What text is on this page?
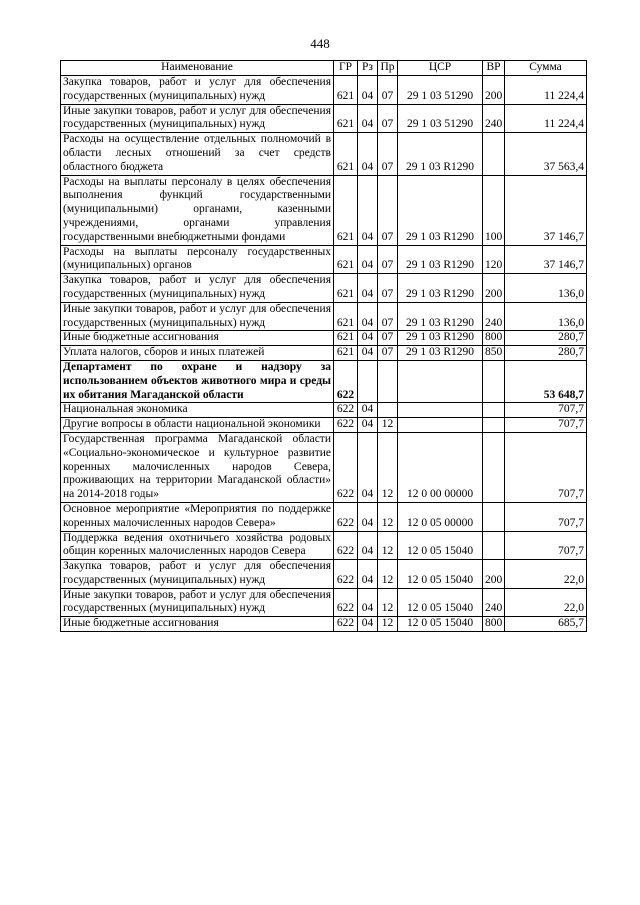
448
Наименование	ГР	Рз	Пр	ЦСР	ВР	Сумма
Закупка товаров, работ и услуг для обеспечения государственных (муниципальных) нужд	621	04	07	29 1 03 51290	200	11 224,4
Иные закупки товаров, работ и услуг для обеспечения государственных (муниципальных) нужд	621	04	07	29 1 03 51290	240	11 224,4
Расходы на осуществление отдельных полномочий в области лесных отношений за счет средств областного бюджета	621	04	07	29 1 03 R1290		37 563,4
Расходы на выплаты персоналу в целях обеспечения выполнения функций государственными (муниципальными) органами, казенными учреждениями, органами управления государственными внебюджетными фондами	621	04	07	29 1 03 R1290	100	37 146,7
Расходы на выплаты персоналу государственных (муниципальных) органов	621	04	07	29 1 03 R1290	120	37 146,7
Закупка товаров, работ и услуг для обеспечения государственных (муниципальных) нужд	621	04	07	29 1 03 R1290	200	136,0
Иные закупки товаров, работ и услуг для обеспечения государственных (муниципальных) нужд	621	04	07	29 1 03 R1290	240	136,0
Иные бюджетные ассигнования	621	04	07	29 1 03 R1290	800	280,7
Уплата налогов, сборов и иных платежей	621	04	07	29 1 03 R1290	850	280,7
Департамент по охране и надзору за использованием объектов животного мира и среды их обитания Магаданской области	622					53 648,7
Национальная экономика	622	04				707,7
Другие вопросы в области национальной экономики	622	04	12			707,7
Государственная программа Магаданской области «Социально-экономическое и культурное развитие коренных малочисленных народов Севера, проживающих на территории Магаданской области» на 2014-2018 годы»	622	04	12	12 0 00 00000		707,7
Основное мероприятие «Мероприятия по поддержке коренных малочисленных народов Севера»	622	04	12	12 0 05 00000		707,7
Поддержка ведения охотничьего хозяйства родовых общин коренных малочисленных народов Севера	622	04	12	12 0 05 15040		707,7
Закупка товаров, работ и услуг для обеспечения государственных (муниципальных) нужд	622	04	12	12 0 05 15040	200	22,0
Иные закупки товаров, работ и услуг для обеспечения государственных (муниципальных) нужд	622	04	12	12 0 05 15040	240	22,0
Иные бюджетные ассигнования	622	04	12	12 0 05 15040	800	685,7
